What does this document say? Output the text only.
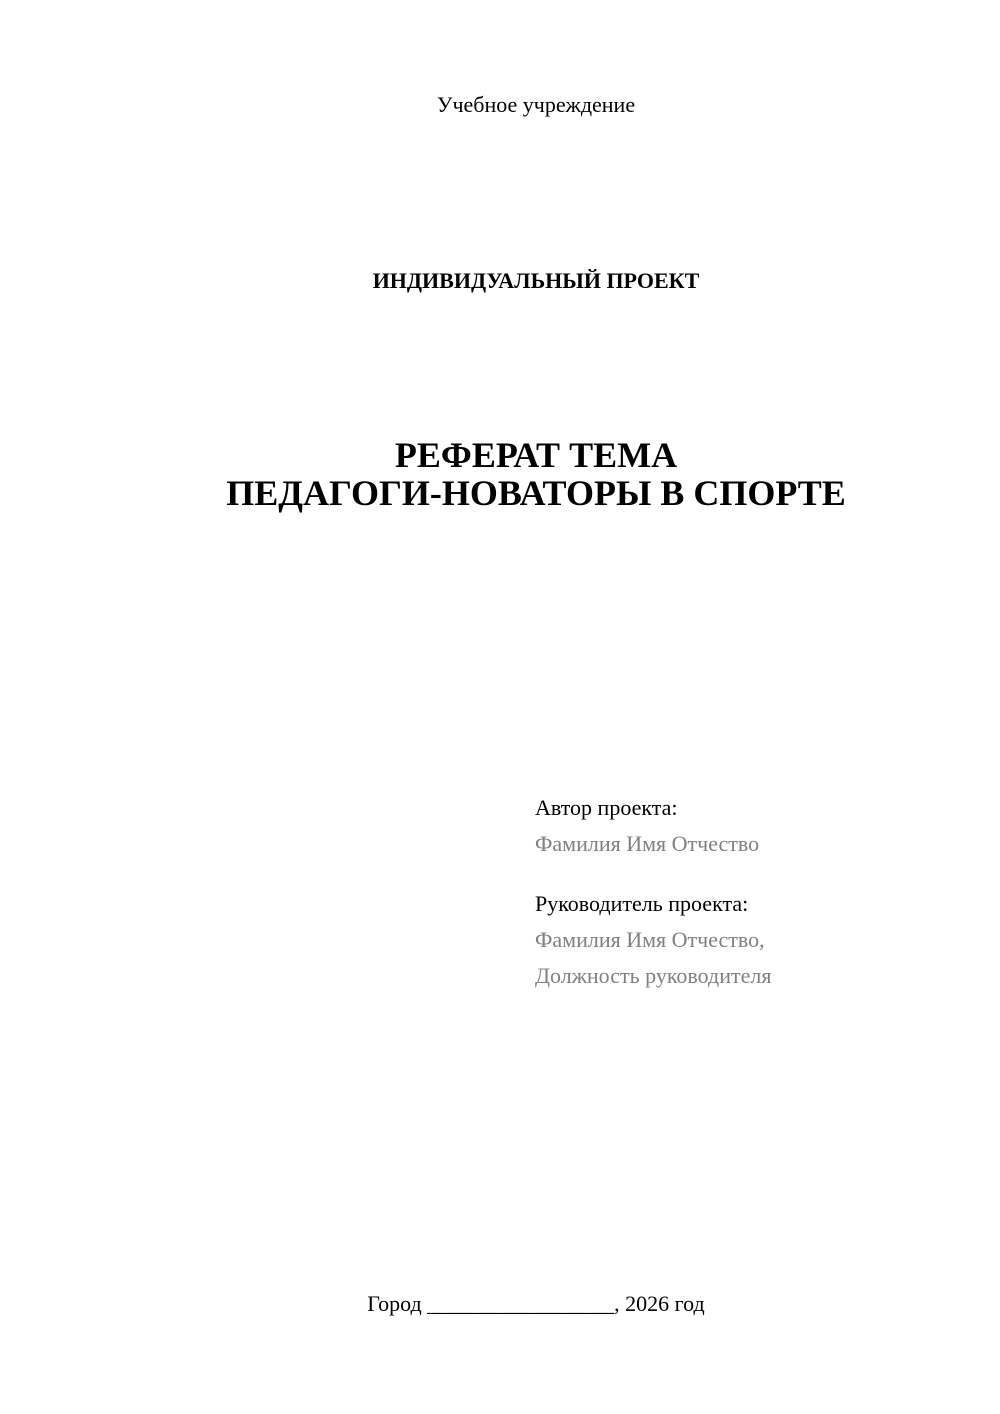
Учебное учреждение
ИНДИВИДУАЛЬНЫЙ ПРОЕКТ
РЕФЕРАТ ТЕМА
ПЕДАГОГИ-НОВАТОРЫ В СПОРТЕ
Автор проекта:
Фамилия Имя Отчество
Руководитель проекта:
Фамилия Имя Отчество,
Должность руководителя
Город _________________, 2026 год
